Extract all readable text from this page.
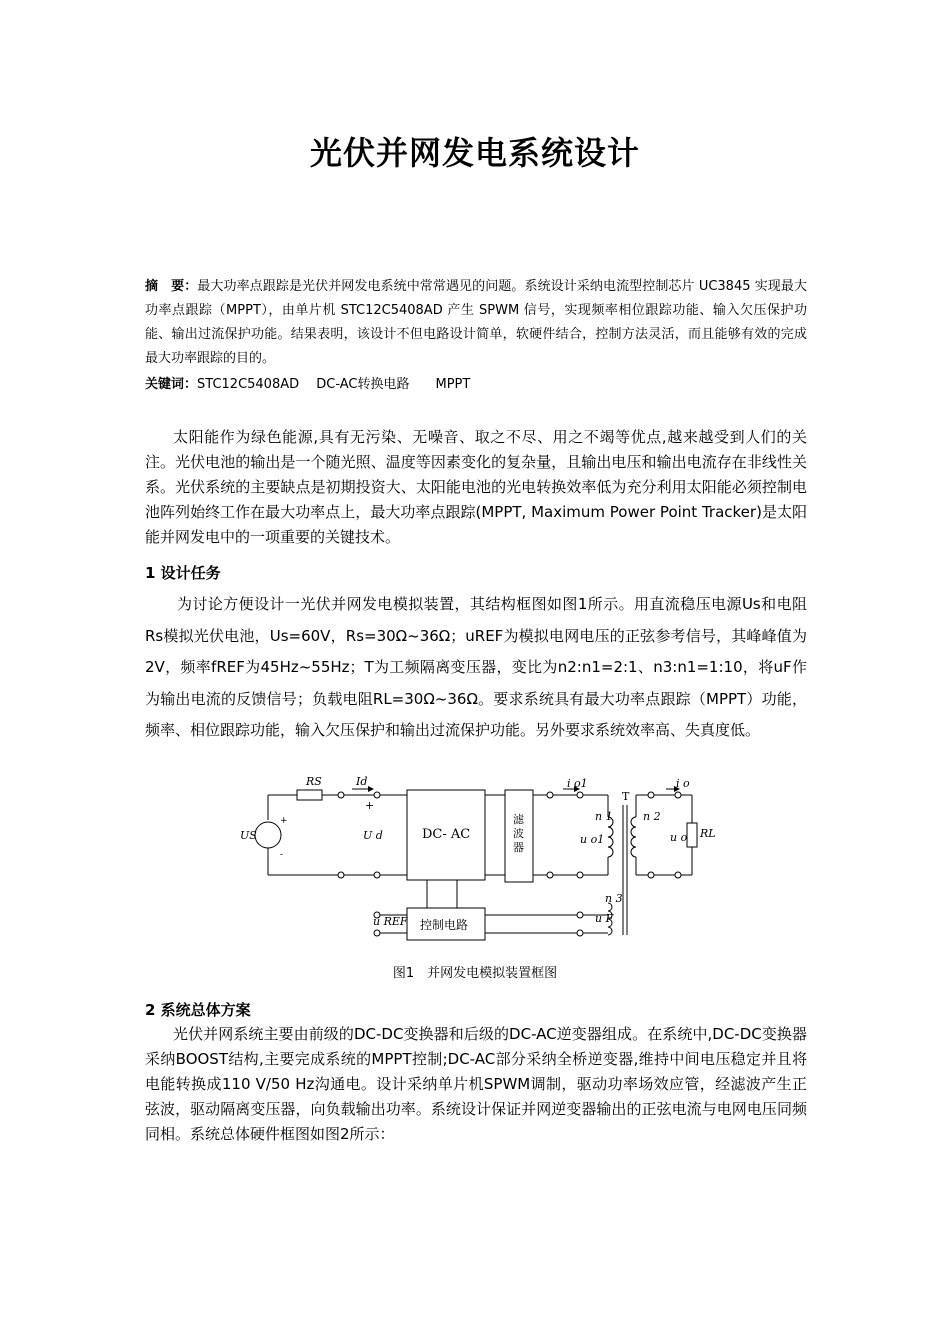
光伏并网发电系统设计
摘　要：最大功率点跟踪是光伏并网发电系统中常常遇见的问题。系统设计采纳电流型控制芯片 UC3845 实现最大功率点跟踪（MPPT），由单片机 STC12C5408AD 产生 SPWM 信号，实现频率相位跟踪功能、输入欠压保护功能、输出过流保护功能。结果表明，该设计不但电路设计简单，软硬件结合，控制方法灵活，而且能够有效的完成最大功率跟踪的目的。
关键词：STC12C5408AD　 DC-AC转换电路　　MPPT
太阳能作为绿色能源,具有无污染、无噪音、取之不尽、用之不竭等优点,越来越受到人们的关注。光伏电池的输出是一个随光照、温度等因素变化的复杂量，且输出电压和输出电流存在非线性关系。光伏系统的主要缺点是初期投资大、太阳能电池的光电转换效率低为充分利用太阳能必须控制电池阵列始终工作在最大功率点上，最大功率点跟踪(MPPT, Maximum Power Point Tracker)是太阳能并网发电中的一项重要的关键技术。
1 设计任务
为讨论方便设计一光伏并网发电模拟装置，其结构框图如图1所示。用直流稳压电源Us和电阻Rs模拟光伏电池，Us=60V，Rs=30Ω~36Ω；uREF为模拟电网电压的正弦参考信号，其峰峰值为2V，频率fREF为45Hz~55Hz；T为工频隔离变压器，变比为n2:n1=2:1、n3:n1=1:10，将uF作为输出电流的反馈信号；负载电阻RL=30Ω~36Ω。要求系统具有最大功率点跟踪（MPPT）功能，频率、相位跟踪功能，输入欠压保护和输出过流保护功能。另外要求系统效率高、失真度低。
RS	Id
+
+
US	U d
-
DC- AC
滤
波
器
i o1
n 1
u o1
T
n 2
i o
u o RL
n 3
u F
u REF 控制电路
图1　并网发电模拟装置框图
2 系统总体方案
光伏并网系统主要由前级的DC-DC变换器和后级的DC-AC逆变器组成。在系统中,DC-DC变换器采纳BOOST结构,主要完成系统的MPPT控制;DC-AC部分采纳全桥逆变器,维持中间电压稳定并且将电能转换成110 V/50 Hz沟通电。设计采纳单片机SPWM调制，驱动功率场效应管，经滤波产生正弦波，驱动隔离变压器，向负载输出功率。系统设计保证并网逆变器输出的正弦电流与电网电压同频同相。系统总体硬件框图如图2所示：
